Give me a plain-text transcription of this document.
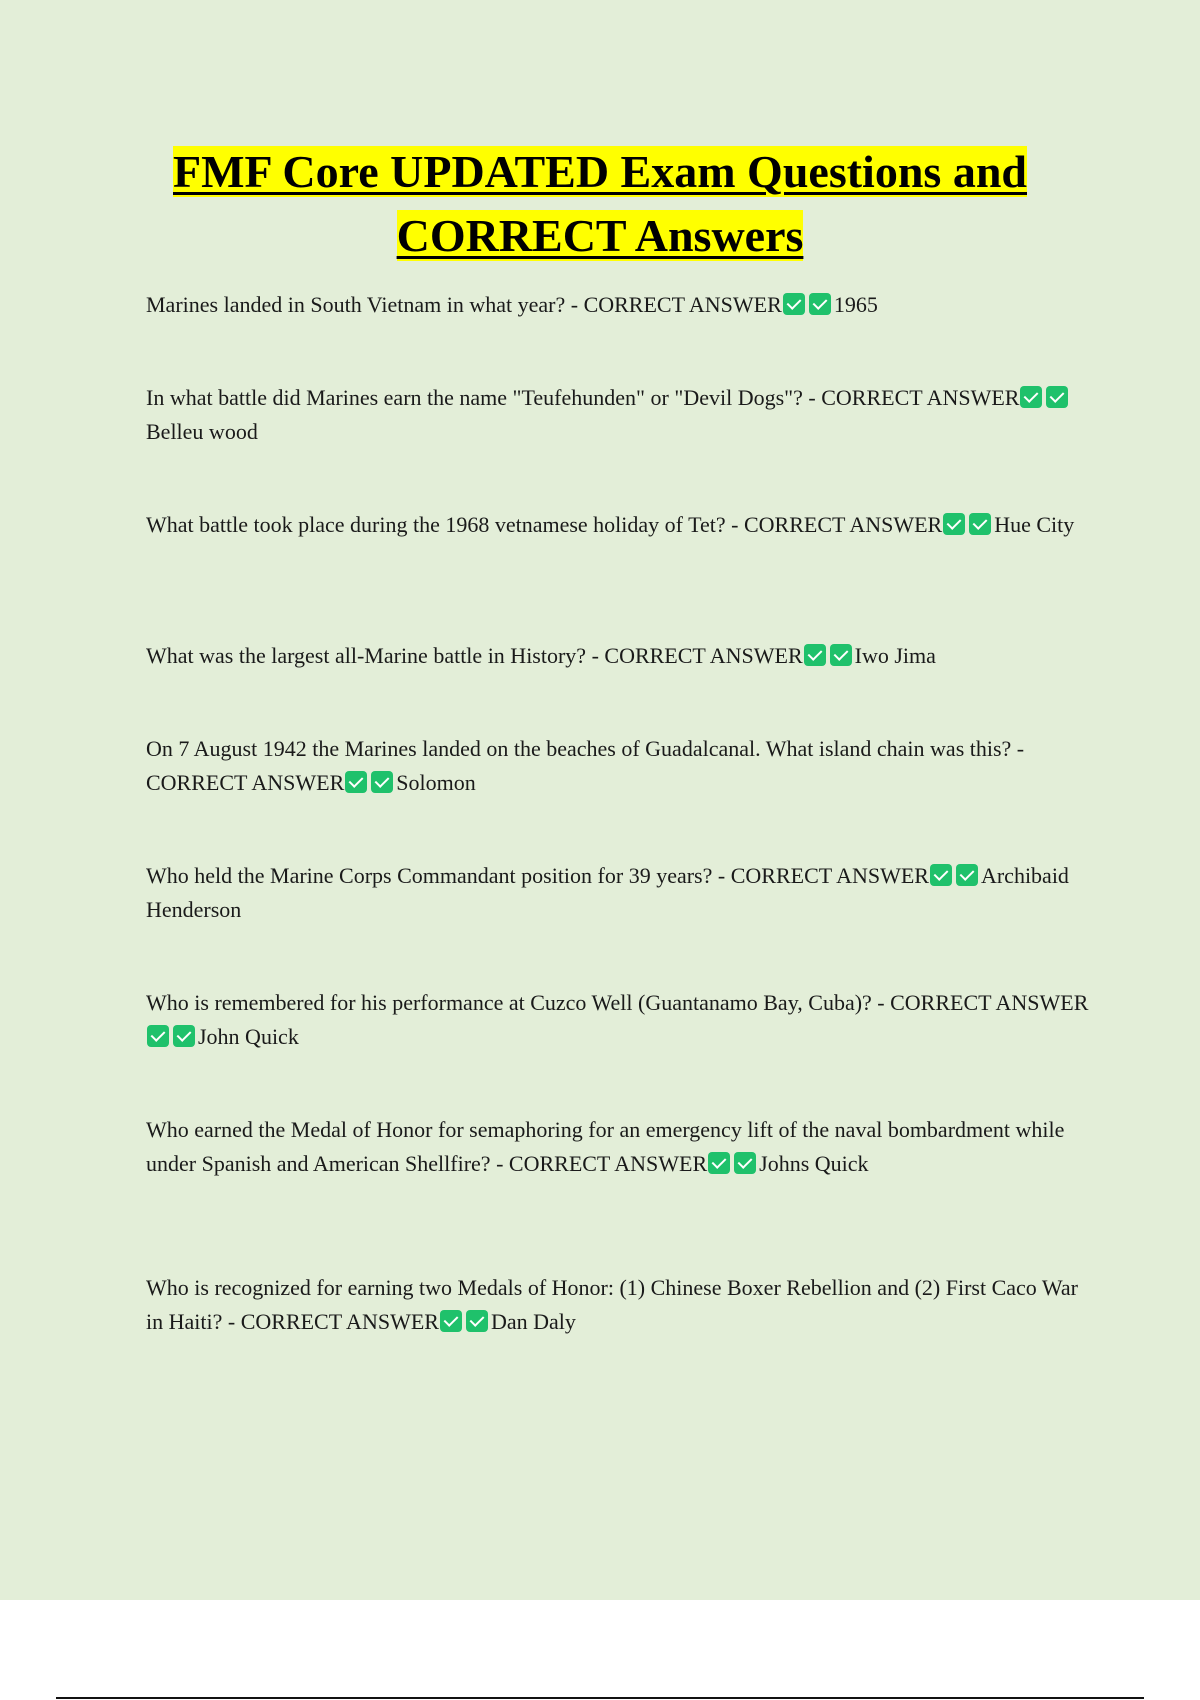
FMF Core UPDATED Exam Questions and CORRECT Answers
Marines landed in South Vietnam in what year? - CORRECT ANSWER 1965
In what battle did Marines earn the name "Teufehunden" or "Devil Dogs"? - CORRECT ANSWERBelleu wood
What battle took place during the 1968 vetnamese holiday of Tet? - CORRECT ANSWER Hue City
What was the largest all-Marine battle in History? - CORRECT ANSWER Iwo Jima
On 7 August 1942 the Marines landed on the beaches of Guadalcanal. What island chain was this? - CORRECT ANSWER Solomon
Who held the Marine Corps Commandant position for 39 years? - CORRECT ANSWER Archibaid Henderson
Who is remembered for his performance at Cuzco Well (Guantanamo Bay, Cuba)? - CORRECT ANSWERJohn Quick
Who earned the Medal of Honor for semaphoring for an emergency lift of the naval bombardment while under Spanish and American Shellfire? - CORRECT ANSWER Johns Quick
Who is recognized for earning two Medals of Honor: (1) Chinese Boxer Rebellion and (2) First Caco War in Haiti? - CORRECT ANSWER Dan Daly
